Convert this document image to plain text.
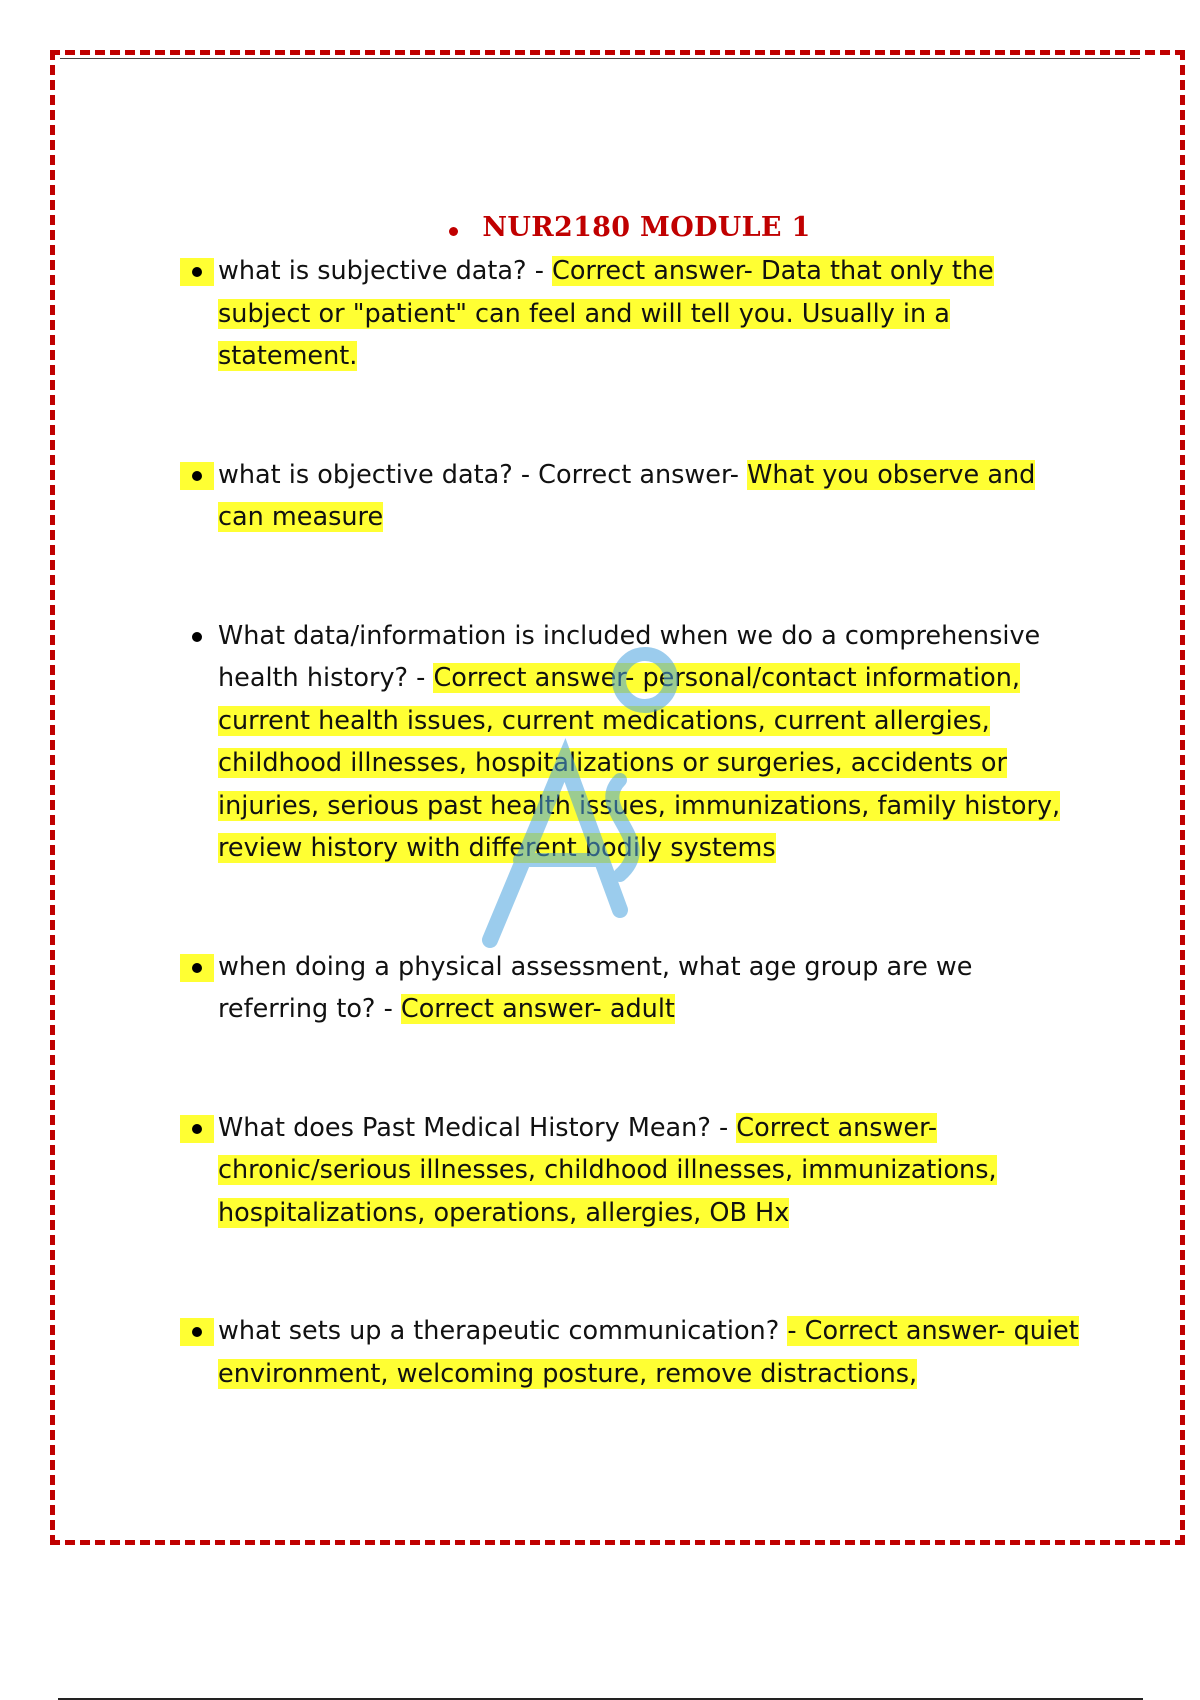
NUR2180 MODULE 1
what is subjective data? - Correct answer- Data that only the subject or "patient" can feel and will tell you. Usually in a statement.
what is objective data? - Correct answer- What you observe and can measure
What data/information is included when we do a comprehensive health history? - Correct answer- personal/contact information, current health issues, current medications, current allergies, childhood illnesses, hospitalizations or surgeries, accidents or injuries, serious past health issues, immunizations, family history, review history with different bodily systems
when doing a physical assessment, what age group are we referring to? - Correct answer- adult
What does Past Medical History Mean? - Correct answer- chronic/serious illnesses, childhood illnesses, immunizations, hospitalizations, operations, allergies, OB Hx
what sets up a therapeutic communication? - Correct answer- quiet environment, welcoming posture, remove distractions,
